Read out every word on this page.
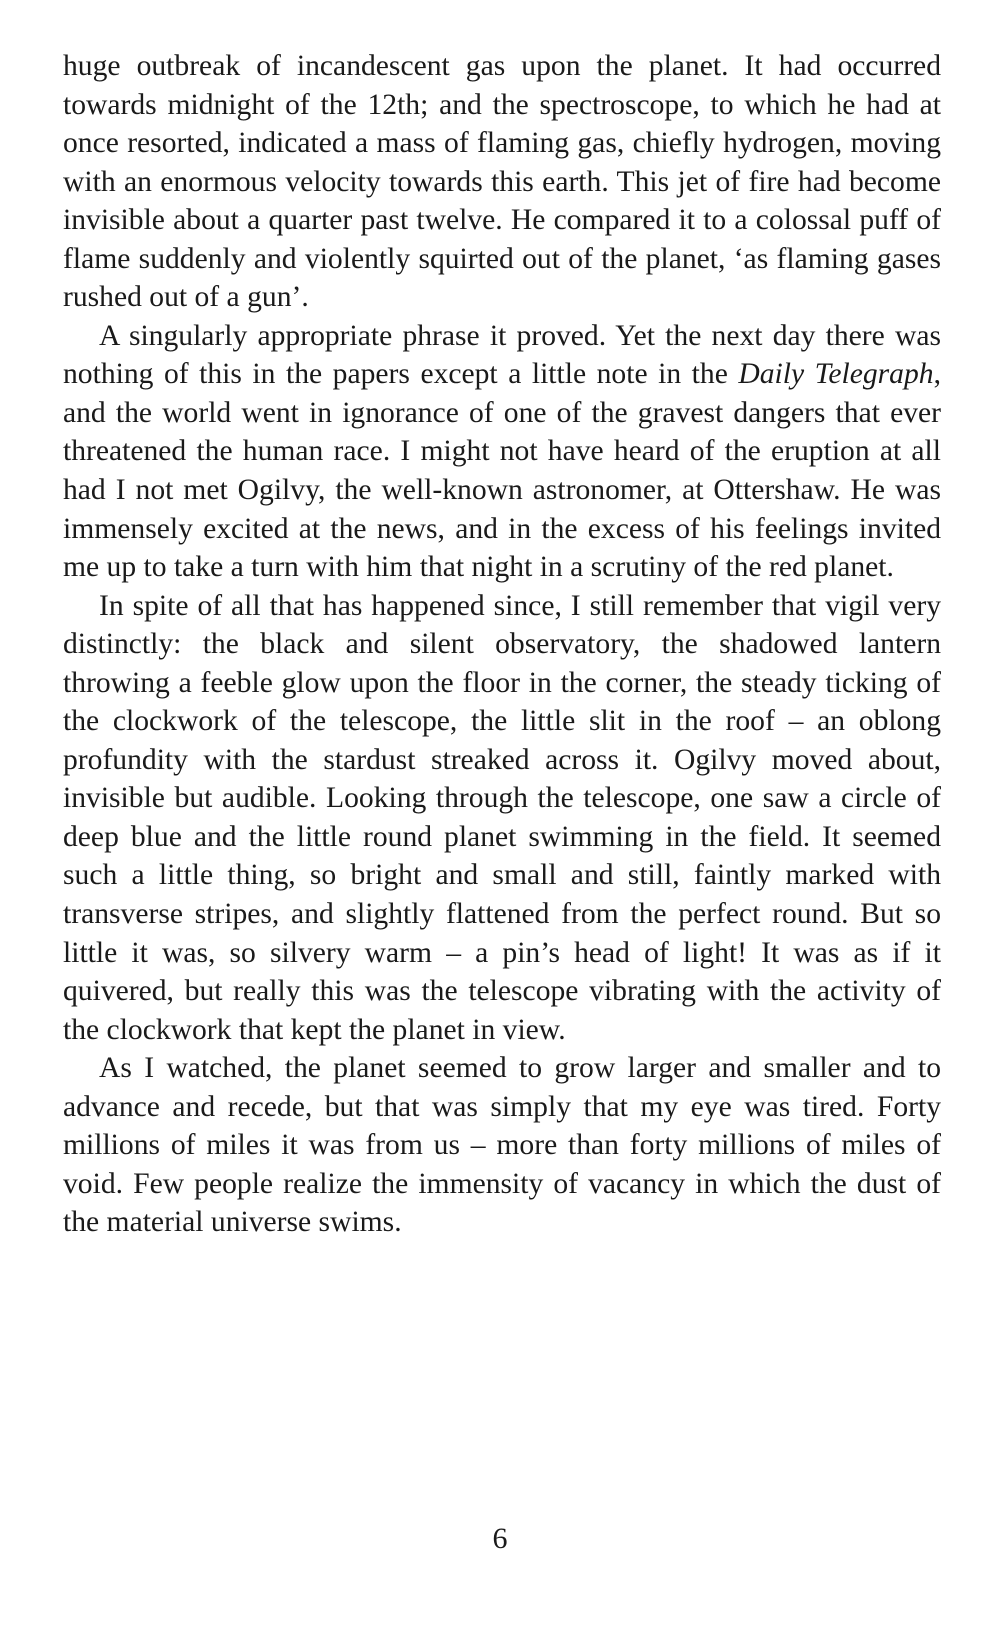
huge outbreak of incandescent gas upon the planet. It had occurred towards midnight of the 12th; and the spectroscope, to which he had at once resorted, indicated a mass of flaming gas, chiefly hydrogen, moving with an enormous velocity towards this earth. This jet of fire had become invisible about a quarter past twelve. He compared it to a colossal puff of flame suddenly and violently squirted out of the planet, ‘as flaming gases rushed out of a gun’.

A singularly appropriate phrase it proved. Yet the next day there was nothing of this in the papers except a little note in the Daily Telegraph, and the world went in ignorance of one of the gravest dangers that ever threatened the human race. I might not have heard of the eruption at all had I not met Ogilvy, the well-known astronomer, at Ottershaw. He was immensely excited at the news, and in the excess of his feelings invited me up to take a turn with him that night in a scrutiny of the red planet.

In spite of all that has happened since, I still remember that vigil very distinctly: the black and silent observatory, the shadowed lantern throwing a feeble glow upon the floor in the corner, the steady ticking of the clockwork of the telescope, the little slit in the roof – an oblong profundity with the stardust streaked across it. Ogilvy moved about, invisible but audible. Looking through the telescope, one saw a circle of deep blue and the little round planet swimming in the field. It seemed such a little thing, so bright and small and still, faintly marked with transverse stripes, and slightly flattened from the perfect round. But so little it was, so silvery warm – a pin’s head of light! It was as if it quivered, but really this was the telescope vibrating with the activity of the clockwork that kept the planet in view.

As I watched, the planet seemed to grow larger and smaller and to advance and recede, but that was simply that my eye was tired. Forty millions of miles it was from us – more than forty millions of miles of void. Few people realize the immensity of vacancy in which the dust of the material universe swims.

6
